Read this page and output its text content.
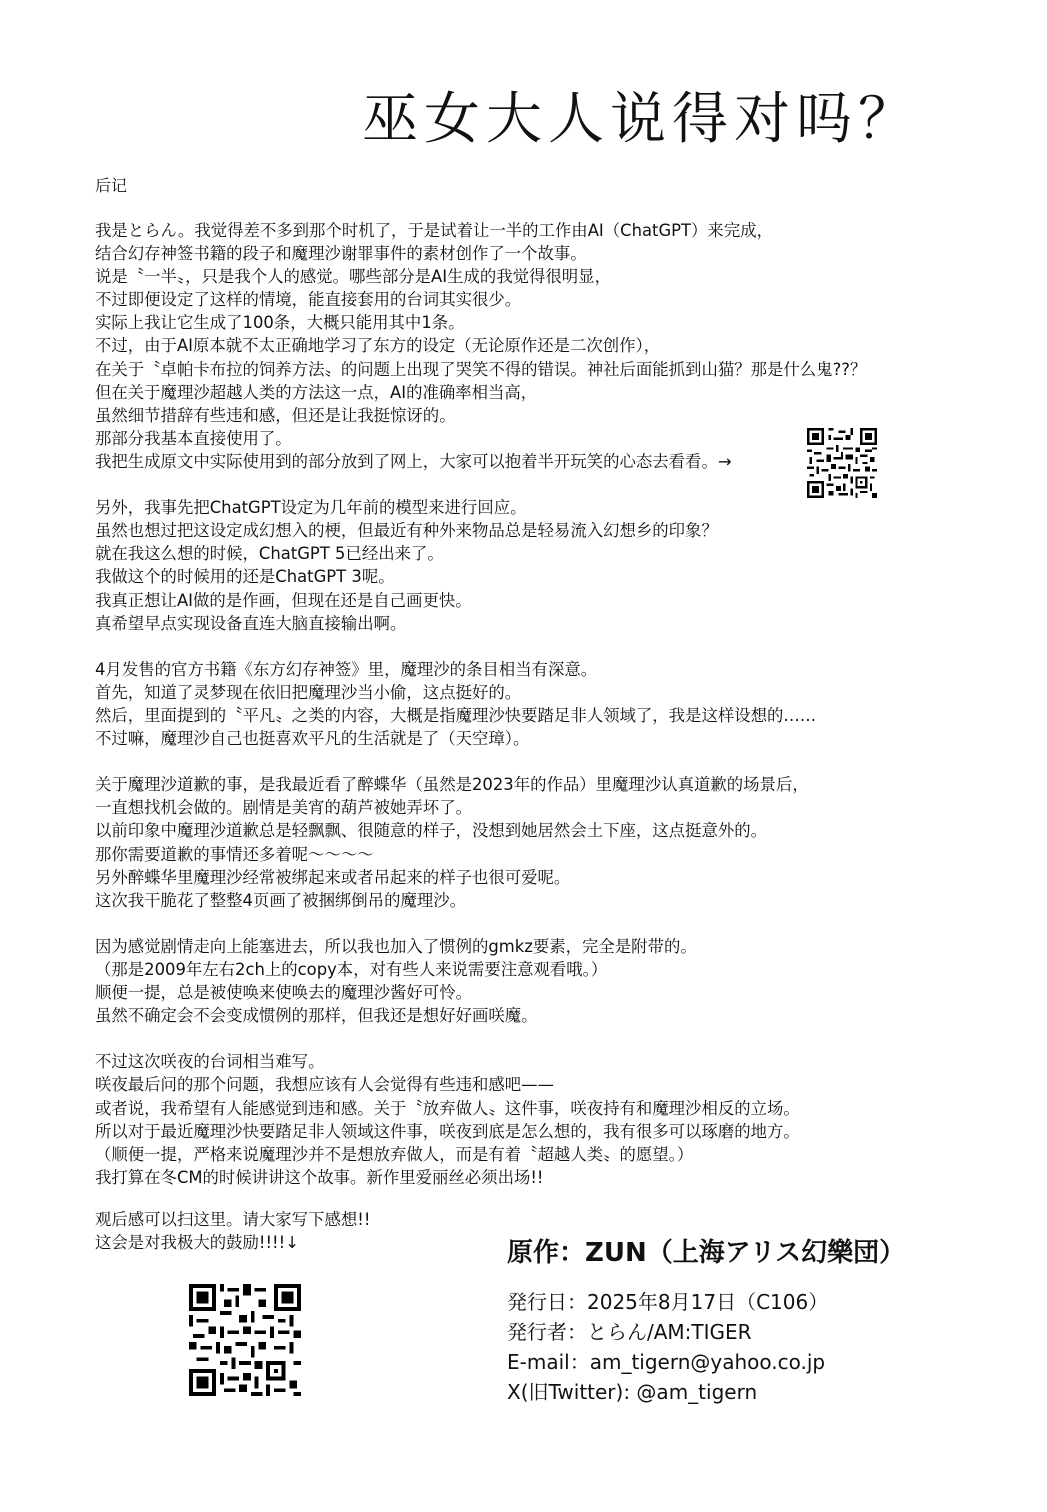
巫女大人说得对吗？
后记
我是とらん。我觉得差不多到那个时机了，于是试着让一半的工作由AI（ChatGPT）来完成，
结合幻存神签书籍的段子和魔理沙谢罪事件的素材创作了一个故事。
说是〝一半〟，只是我个人的感觉。哪些部分是AI生成的我觉得很明显，
不过即便设定了这样的情境，能直接套用的台词其实很少。
实际上我让它生成了100条，大概只能用其中1条。
不过，由于AI原本就不太正确地学习了东方的设定（无论原作还是二次创作），
在关于〝卓帕卡布拉的饲养方法〟的问题上出现了哭笑不得的错误。神社后面能抓到山猫？那是什么鬼??？
但在关于魔理沙超越人类的方法这一点，AI的准确率相当高，
虽然细节措辞有些违和感，但还是让我挺惊讶的。
那部分我基本直接使用了。
我把生成原文中实际使用到的部分放到了网上，大家可以抱着半开玩笑的心态去看看。→
另外，我事先把ChatGPT设定为几年前的模型来进行回应。
虽然也想过把这设定成幻想入的梗，但最近有种外来物品总是轻易流入幻想乡的印象？
就在我这么想的时候，ChatGPT 5已经出来了。
我做这个的时候用的还是ChatGPT 3呢。
我真正想让AI做的是作画，但现在还是自己画更快。
真希望早点实现设备直连大脑直接输出啊。
4月发售的官方书籍《东方幻存神签》里，魔理沙的条目相当有深意。
首先，知道了灵梦现在依旧把魔理沙当小偷，这点挺好的。
然后，里面提到的〝平凡〟之类的内容，大概是指魔理沙快要踏足非人领域了，我是这样设想的……
不过嘛，魔理沙自己也挺喜欢平凡的生活就是了（天空璋）。
关于魔理沙道歉的事，是我最近看了醉蝶华（虽然是2023年的作品）里魔理沙认真道歉的场景后，
一直想找机会做的。剧情是美宵的葫芦被她弄坏了。
以前印象中魔理沙道歉总是轻飘飘、很随意的样子，没想到她居然会土下座，这点挺意外的。
那你需要道歉的事情还多着呢～～～～
另外醉蝶华里魔理沙经常被绑起来或者吊起来的样子也很可爱呢。
这次我干脆花了整整4页画了被捆绑倒吊的魔理沙。
因为感觉剧情走向上能塞进去，所以我也加入了惯例的gmkz要素，完全是附带的。
（那是2009年左右2ch上的copy本，对有些人来说需要注意观看哦。）
顺便一提，总是被使唤来使唤去的魔理沙酱好可怜。
虽然不确定会不会变成惯例的那样，但我还是想好好画咲魔。
不过这次咲夜的台词相当难写。
咲夜最后问的那个问题，我想应该有人会觉得有些违和感吧——
或者说，我希望有人能感觉到违和感。关于〝放弃做人〟这件事，咲夜持有和魔理沙相反的立场。
所以对于最近魔理沙快要踏足非人领域这件事，咲夜到底是怎么想的，我有很多可以琢磨的地方。
（顺便一提，严格来说魔理沙并不是想放弃做人，而是有着〝超越人类〟的愿望。）
我打算在冬CM的时候讲讲这个故事。新作里爱丽丝必须出场!!
观后感可以扫这里。请大家写下感想!!
这会是对我极大的鼓励!!!!↓	原作：ZUN（上海アリス幻樂団）
発行日：2025年8月17日（C106）
発行者：とらん/AM:TIGER
E-mail：am_tigern@yahoo.co.jp
X(旧Twitter): @am_tigern
